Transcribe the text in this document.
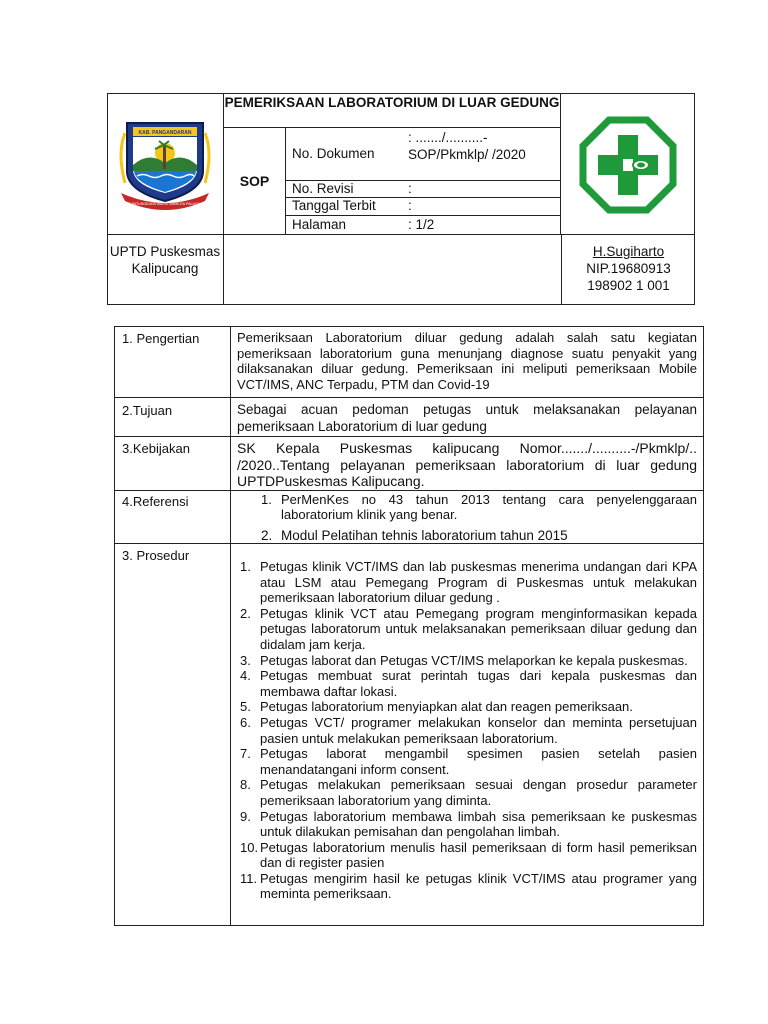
KAB. PANGANDARAN
SIRNA PATUNGKARA WARIS WASKITA PALUGALANG
PEMERIKSAAN LABORATORIUM DI LUAR GEDUNG
SOP
No. Dokumen
: ......./..........-SOP/Pkmklp/ /2020
No. Revisi	:
Tanggal Terbit :
Halaman	: 1/2
UPTD Puskesmas Kalipucang
H.Sugiharto
NIP.19680913 198902 1 001
1. Pengertian	Pemeriksaan Laboratorium diluar gedung adalah salah satu kegiatan pemeriksaan laboratorium guna menunjang diagnose suatu penyakit yang dilaksanakan diluar gedung. Pemeriksaan ini meliputi pemeriksaan Mobile VCT/IMS, ANC Terpadu, PTM dan Covid-19
2.Tujuan	Sebagai acuan pedoman petugas untuk melaksanakan pelayanan pemeriksaan Laboratorium di luar gedung
3.Kebijakan	SK Kepala Puskesmas kalipucang Nomor......./..........-/Pkmklp/.. /2020..Tentang pelayanan pemeriksaan laboratorium di luar gedung UPTDPuskesmas Kalipucang.
4.Referensi	1. PerMenKes no 43 tahun 2013 tentang cara penyelenggaraan laboratorium klinik yang benar.
2. Modul Pelatihan tehnis laboratorium tahun 2015
3. Prosedur
1. Petugas klinik VCT/IMS dan lab puskesmas menerima undangan dari KPA atau LSM atau Pemegang Program di Puskesmas untuk melakukan pemeriksaan laboratorium diluar gedung .
2. Petugas klinik VCT atau Pemegang program menginformasikan kepada petugas laboratorum untuk melaksanakan pemeriksaan diluar gedung dan didalam jam kerja.
3. Petugas laborat dan Petugas VCT/IMS melaporkan ke kepala puskesmas.
4. Petugas membuat surat perintah tugas dari kepala puskesmas dan membawa daftar lokasi.
5. Petugas laboratorium menyiapkan alat dan reagen pemeriksaan.
6. Petugas VCT/ programer melakukan konselor dan meminta persetujuan pasien untuk melakukan pemeriksaan laboratorium.
7. Petugas laborat mengambil spesimen pasien setelah pasien menandatangani inform consent.
8. Petugas melakukan pemeriksaan sesuai dengan prosedur parameter pemeriksaan laboratorium yang diminta.
9. Petugas laboratorium membawa limbah sisa pemeriksaan ke puskesmas untuk dilakukan pemisahan dan pengolahan limbah.
10. Petugas laboratorium menulis hasil pemeriksaan di form hasil pemeriksan dan di register pasien
11. Petugas mengirim hasil ke petugas klinik VCT/IMS atau programer yang meminta pemeriksaan.
